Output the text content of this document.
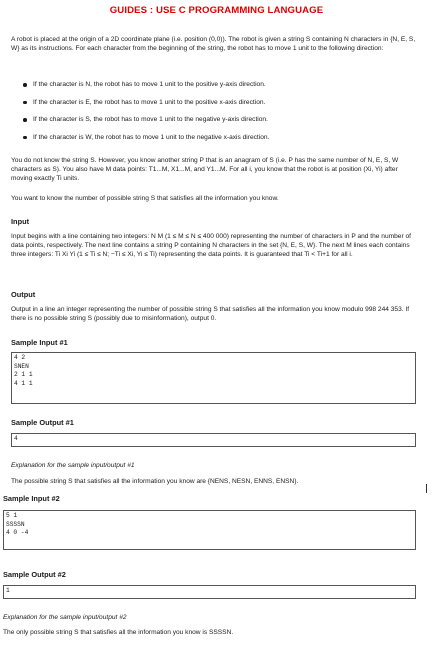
GUIDES : USE C PROGRAMMING LANGUAGE

A robot is placed at the origin of a 2D coordinate plane (i.e. position (0,0)). The robot is given a string S containing N characters in {N, E, S, W} as its instructions. For each character from the beginning of the string, the robot has to move 1 unit to the following direction:

If the character is N, the robot has to move 1 unit to the positive y-axis direction.
If the character is E, the robot has to move 1 unit to the positive x-axis direction.
If the character is S, the robot has to move 1 unit to the negative y-axis direction.
If the character is W, the robot has to move 1 unit to the negative x-axis direction.

You do not know the string S. However, you know another string P that is an anagram of S (i.e. P has the same number of N, E, S, W characters as S). You also have M data points: T1...M, X1...M, and Y1...M. For all i, you know that the robot is at position (Xi, Yi) after moving exactly Ti units.

You want to know the number of possible string S that satisfies all the information you know.

Input

Input begins with a line containing two integers: N M (1 ≤ M ≤ N ≤ 400 000) representing the number of characters in P and the number of data points, respectively. The next line contains a string P containing N characters in the set {N, E, S, W}. The next M lines each contains three integers: Ti Xi Yi (1 ≤ Ti ≤ N; −Ti ≤ Xi, Yi ≤ Ti) representing the data points. It is guaranteed that Ti < Ti+1 for all i.

Output

Output in a line an integer representing the number of possible string S that satisfies all the information you know modulo 998 244 353. If there is no possible string S (possibly due to misinformation), output 0.

Sample Input #1
4 2
SNEN
2 1 1
4 1 1
Sample Output #1
4
Explanation for the sample input/output #1
The possible string S that satisfies all the information you know are {NENS, NESN, ENNS, ENSN}.
Sample Input #2
5 1
SSSSN
4 0 -4
Sample Output #2
1
Explanation for the sample input/output #2
The only possible string S that satisfies all the information you know is SSSSN.
